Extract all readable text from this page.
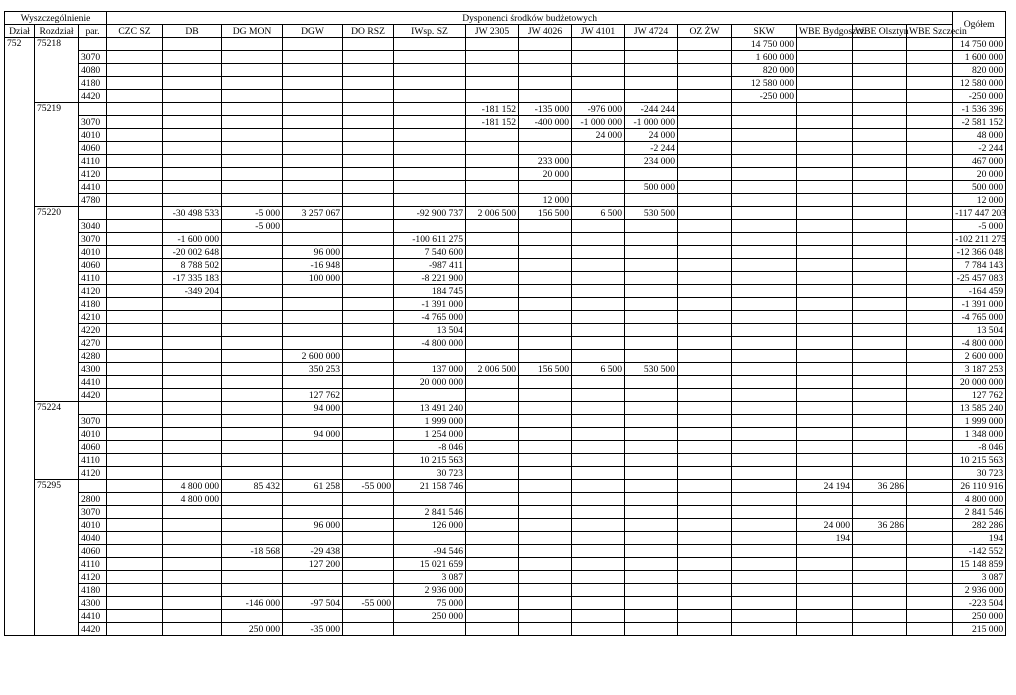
Wyszczególnienie			Dysponenci środków budżetowych															Ogółem
Dział	Rozdział	par.	CZC SZ	DB	DG MON	DGW	DO RSZ	IWsp. SZ	JW 2305	JW 4026	JW 4101	JW 4724	OZ ŻW	SKW	WBE Bydgoszcz	WBE Olsztyn	WBE Szczecin	
752	75218													14 750 000				14 750 000
		3070												1 600 000				1 600 000
		4080												820 000				820 000
		4180												12 580 000				12 580 000
		4420												-250 000				-250 000
	75219								-181 152	-135 000	-976 000	-244 244						-1 536 396
		3070							-181 152	-400 000	-1 000 000	-1 000 000						-2 581 152
		4010									24 000	24 000						48 000
		4060										-2 244						-2 244
		4110								233 000		234 000						467 000
		4120								20 000								20 000
		4410										500 000						500 000
		4780								12 000								12 000
	75220			-30 498 533	-5 000	3 257 067		-92 900 737	2 006 500	156 500	6 500	530 500						-117 447 203
		3040			-5 000													-5 000
		3070		-1 600 000				-100 611 275										-102 211 275
		4010		-20 002 648		96 000		7 540 600										-12 366 048
		4060		8 788 502		-16 948		-987 411										7 784 143
		4110		-17 335 183		100 000		-8 221 900										-25 457 083
		4120		-349 204				184 745										-164 459
		4180						-1 391 000										-1 391 000
		4210						-4 765 000										-4 765 000
		4220						13 504										13 504
		4270						-4 800 000										-4 800 000
		4280				2 600 000												2 600 000
		4300				350 253		137 000	2 006 500	156 500	6 500	530 500						3 187 253
		4410						20 000 000										20 000 000
		4420				127 762												127 762
	75224					94 000		13 491 240										13 585 240
		3070						1 999 000										1 999 000
		4010				94 000		1 254 000										1 348 000
		4060						-8 046										-8 046
		4110						10 215 563										10 215 563
		4120						30 723										30 723
	75295			4 800 000	85 432	61 258	-55 000	21 158 746							24 194	36 286		26 110 916
		2800		4 800 000														4 800 000
		3070						2 841 546										2 841 546
		4010				96 000		126 000							24 000	36 286		282 286
		4040													194			194
		4060			-18 568	-29 438		-94 546										-142 552
		4110				127 200		15 021 659										15 148 859
		4120						3 087										3 087
		4180						2 936 000										2 936 000
		4300			-146 000	-97 504	-55 000	75 000										-223 504
		4410						250 000										250 000
		4420			250 000	-35 000												215 000
